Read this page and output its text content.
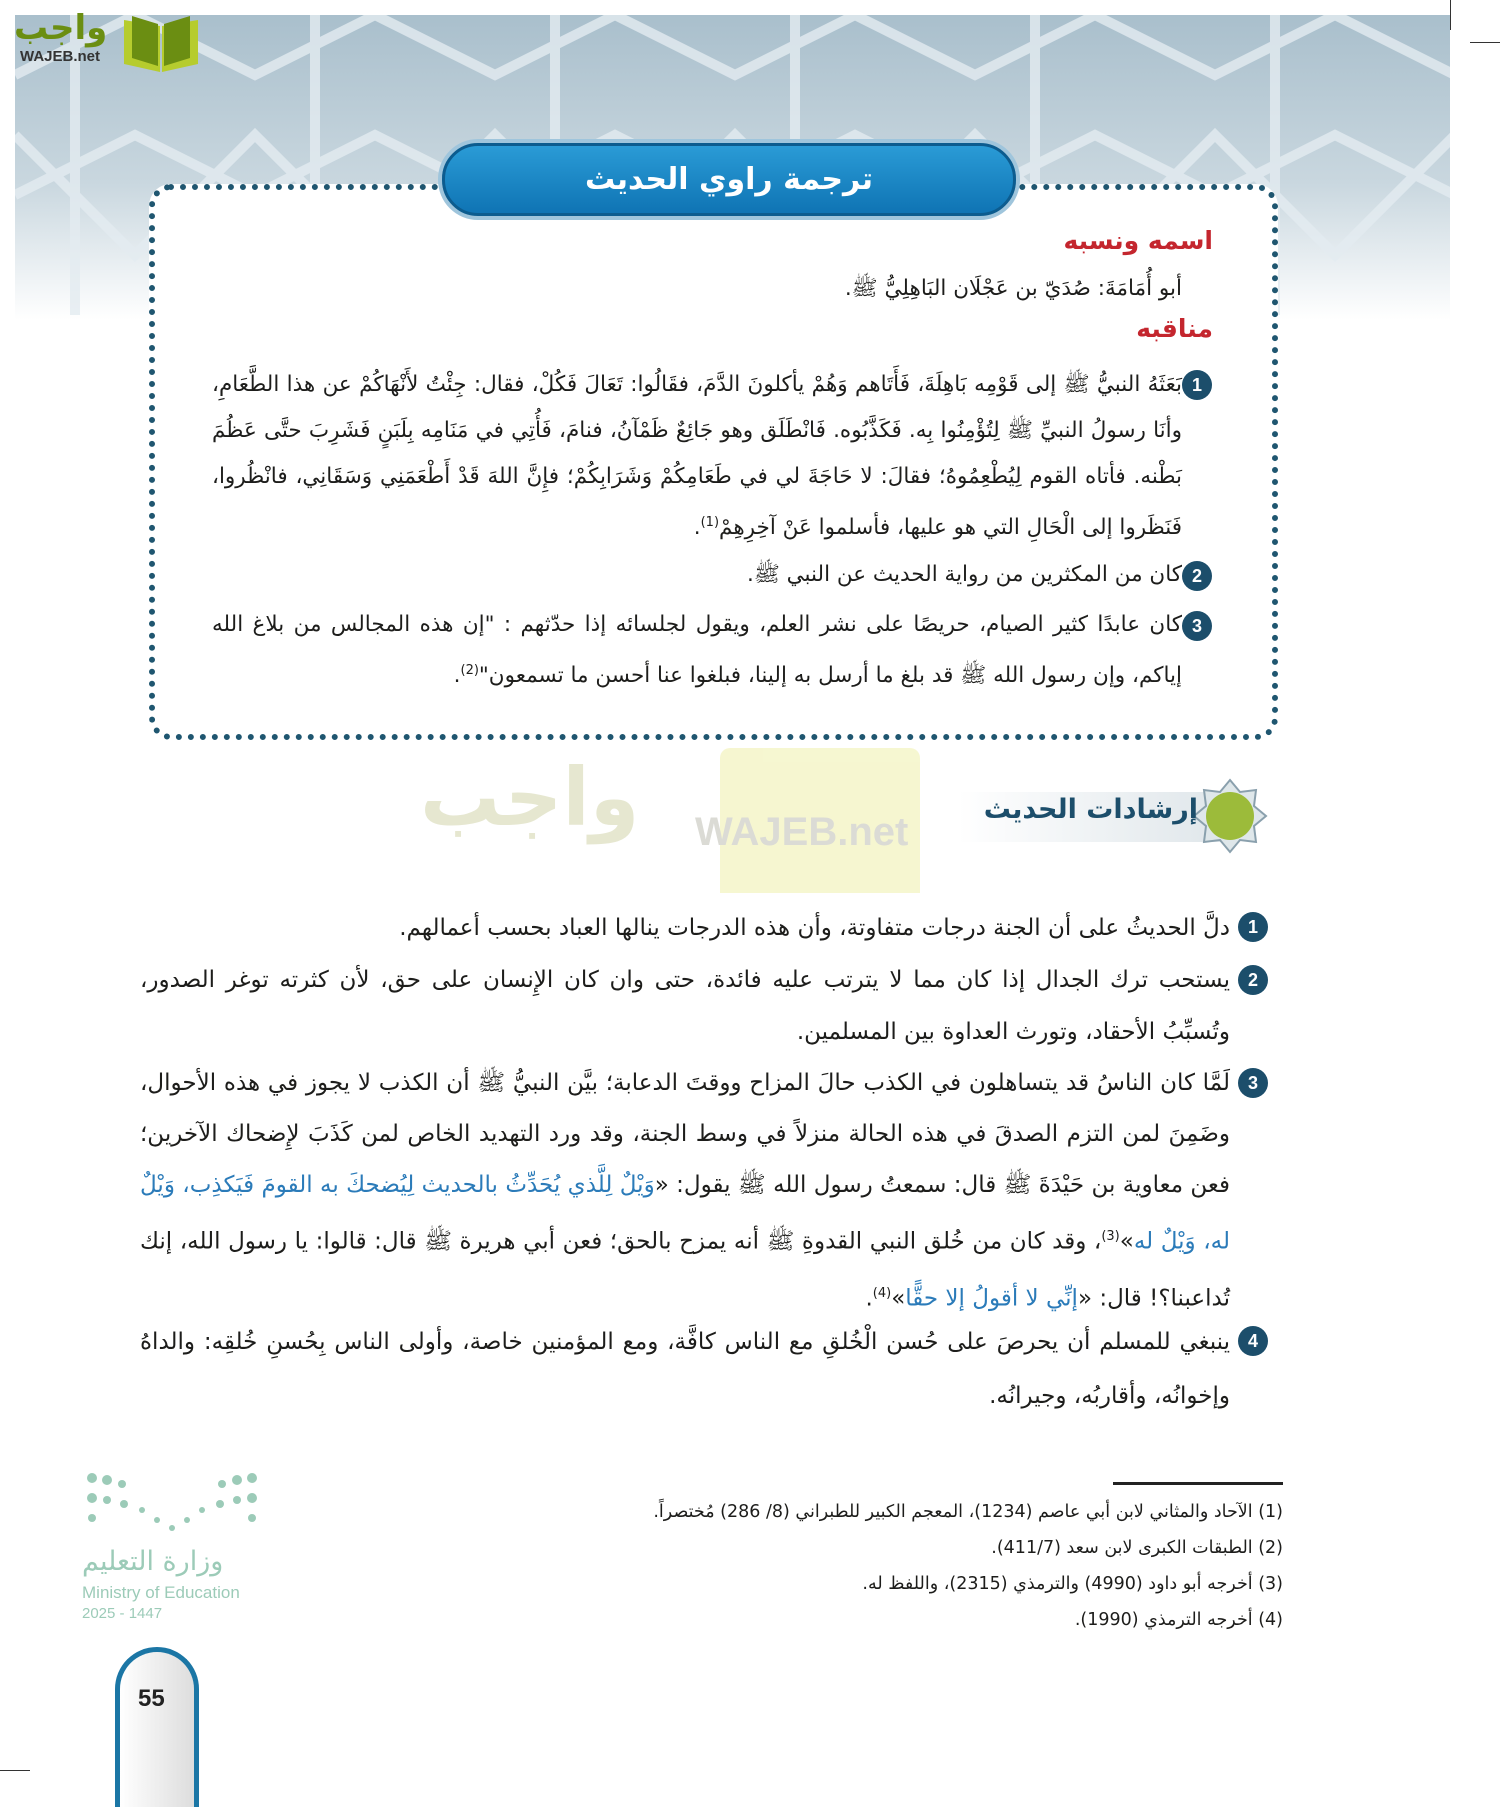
واجب
WAJEB.net
واجب WAJEB.net
ترجمة راوي الحديث
اسمه ونسبه
أبو أُمَامَةَ: صُدَيّ بن عَجْلَان البَاهِلِيُّ ﷺ.
مناقبه
1
بَعَثَهُ النبيُّ ﷺ إلى قَوْمِه بَاهِلَةَ، فَأَتَاهم وَهُمْ يأكلونَ الدَّمَ، فقَالُوا: تَعَالَ فَكُلْ، فقال: جِئْتُ لأَنْهَاكُمْ عن هذا الطَّعَامِ، وأنَا رسولُ النبيِّ ﷺ لِتُؤْمِنُوا بِه. فَكَذَّبُوه. فَانْطَلَق وهو جَائِعٌ ظَمْآنُ، فنامَ، فَأُتِي في مَنَامِه بِلَبَنٍ فَشَرِبَ حتَّى عَظُمَ بَطْنه. فأتاه القوم لِيُطْعِمُوهُ؛ فقالَ: لا حَاجَةَ لي في طَعَامِكُمْ وَشَرَابِكُمْ؛ فإِنَّ اللهَ قَدْ أَطْعَمَنِي وَسَقَانِي، فانْظُروا، فَنَظَروا إلى الْحَالِ التي هو عليها، فأسلموا عَنْ آخِرِهِمْ$^{(1)}$.
2
كان من المكثرين من رواية الحديث عن النبي ﷺ.
3
كان عابدًا كثير الصيام، حريصًا على نشر العلم، ويقول لجلسائه إذا حدّثهم : "إن هذه المجالس من بلاغ الله إياكم، وإن رسول الله ﷺ قد بلغ ما أرسل به إلينا، فبلغوا عنا أحسن ما تسمعون"$^{(2)}$.
إرشادات الحديث
1
دلَّ الحديثُ على أن الجنة درجات متفاوتة، وأن هذه الدرجات ينالها العباد بحسب أعمالهم.
2
يستحب ترك الجدال إذا كان مما لا يترتب عليه فائدة، حتى وان كان الإِنسان على حق، لأن كثرته توغر الصدور، وتُسبِّبُ الأحقاد، وتورث العداوة بين المسلمين.
3
لَمَّا كان الناسُ قد يتساهلون في الكذب حالَ المزاح ووقتَ الدعابة؛ بيَّن النبيُّ ﷺ أن الكذب لا يجوز في هذه الأحوال، وضَمِنَ لمن التزم الصدقَ في هذه الحالة منزلاً في وسط الجنة، وقد ورد التهديد الخاص لمن كَذَبَ لإِضحاك الآخرين؛ فعن معاوية بن حَيْدَةَ ﷺ قال: سمعتُ رسول الله ﷺ يقول: «وَيْلٌ لِلَّذي يُحَدِّثُ بالحديث لِيُضحكَ به القومَ فَيَكذِب، وَيْلٌ له، وَيْلٌ له»$^{(3)}$، وقد كان من خُلق النبي القدوةِ ﷺ أنه يمزح بالحق؛ فعن أبي هريرة ﷺ قال: قالوا: يا رسول الله، إنك تُداعبنا؟! قال: «إنِّي لا أقولُ إلا حقًّا»$^{(4)}$.
4
ينبغي للمسلم أن يحرصَ على حُسن الْخُلقِ مع الناس كافَّة، ومع المؤمنين خاصة، وأولى الناس بِحُسنِ خُلقِه: والداهُ وإخوانُه، وأقاربُه، وجيرانُه.
(1) الآحاد والمثاني لابن أبي عاصم (1234)، المعجم الكبير للطبراني (8/ 286) مُختصراً.
(2) الطبقات الكبرى لابن سعد (411/7).
(3) أخرجه أبو داود (4990) والترمذي (2315)، واللفظ له.
(4) أخرجه الترمذي (1990).
وزارة التعليم
Ministry of Education
2025 - 1447
55
